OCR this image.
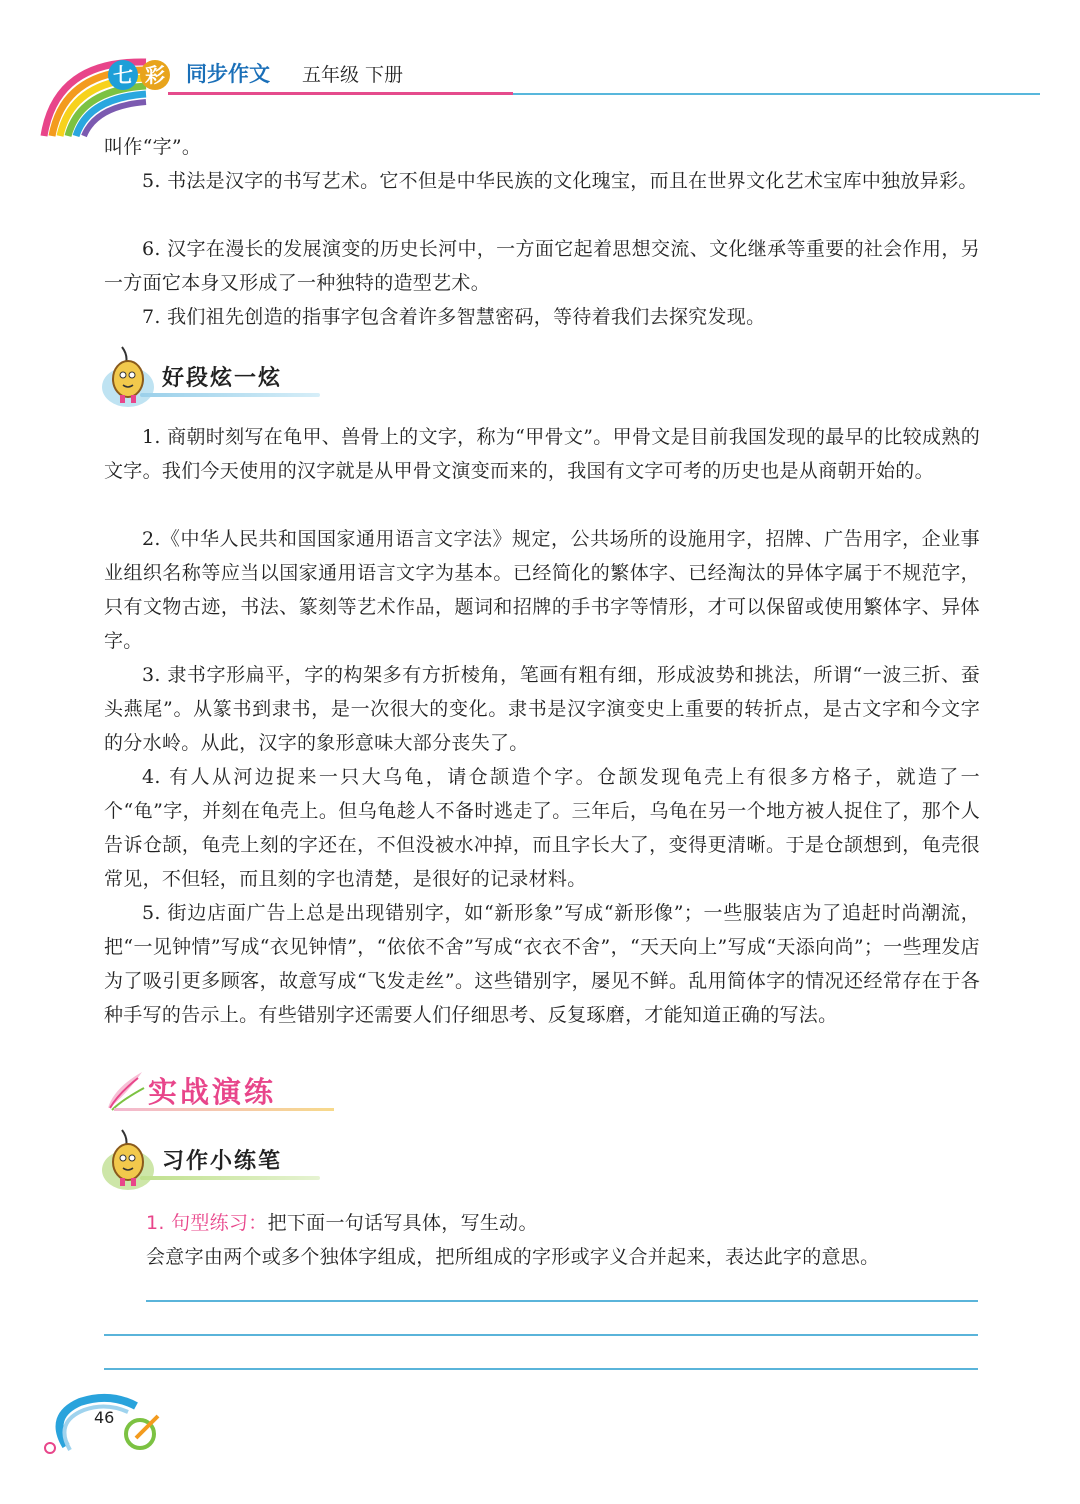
七 彩 同步作文 五年级 下册

叫作“字”。

5. 书法是汉字的书写艺术。它不但是中华民族的文化瑰宝，而且在世界文化艺术宝库中独放异彩。

6. 汉字在漫长的发展演变的历史长河中，一方面它起着思想交流、文化继承等重要的社会作用，另一方面它本身又形成了一种独特的造型艺术。

7. 我们祖先创造的指事字包含着许多智慧密码，等待着我们去探究发现。

好段炫一炫

1. 商朝时刻写在龟甲、兽骨上的文字，称为“甲骨文”。甲骨文是目前我国发现的最早的比较成熟的文字。我们今天使用的汉字就是从甲骨文演变而来的，我国有文字可考的历史也是从商朝开始的。

2.《中华人民共和国国家通用语言文字法》规定，公共场所的设施用字，招牌、广告用字，企业事业组织名称等应当以国家通用语言文字为基本。已经简化的繁体字、已经淘汰的异体字属于不规范字，只有文物古迹，书法、篆刻等艺术作品，题词和招牌的手书字等情形，才可以保留或使用繁体字、异体字。

3. 隶书字形扁平，字的构架多有方折棱角，笔画有粗有细，形成波势和挑法，所谓“一波三折、蚕头燕尾”。从篆书到隶书，是一次很大的变化。隶书是汉字演变史上重要的转折点，是古文字和今文字的分水岭。从此，汉字的象形意味大部分丧失了。

4. 有人从河边捉来一只大乌龟，请仓颉造个字。仓颉发现龟壳上有很多方格子，就造了一个“龟”字，并刻在龟壳上。但乌龟趁人不备时逃走了。三年后，乌龟在另一个地方被人捉住了，那个人告诉仓颉，龟壳上刻的字还在，不但没被水冲掉，而且字长大了，变得更清晰。于是仓颉想到，龟壳很常见，不但轻，而且刻的字也清楚，是很好的记录材料。

5. 街边店面广告上总是出现错别字，如“新形象”写成“新形像”；一些服装店为了追赶时尚潮流，把“一见钟情”写成“衣见钟情”，“依依不舍”写成“衣衣不舍”，“天天向上”写成“天添向尚”；一些理发店为了吸引更多顾客，故意写成“飞发走丝”。这些错别字，屡见不鲜。乱用简体字的情况还经常存在于各种手写的告示上。有些错别字还需要人们仔细思考、反复琢磨，才能知道正确的写法。

实战演练
习作小练笔

1. 句型练习：把下面一句话写具体，写生动。

会意字由两个或多个独体字组成，把所组成的字形或字义合并起来，表达此字的意思。

46
